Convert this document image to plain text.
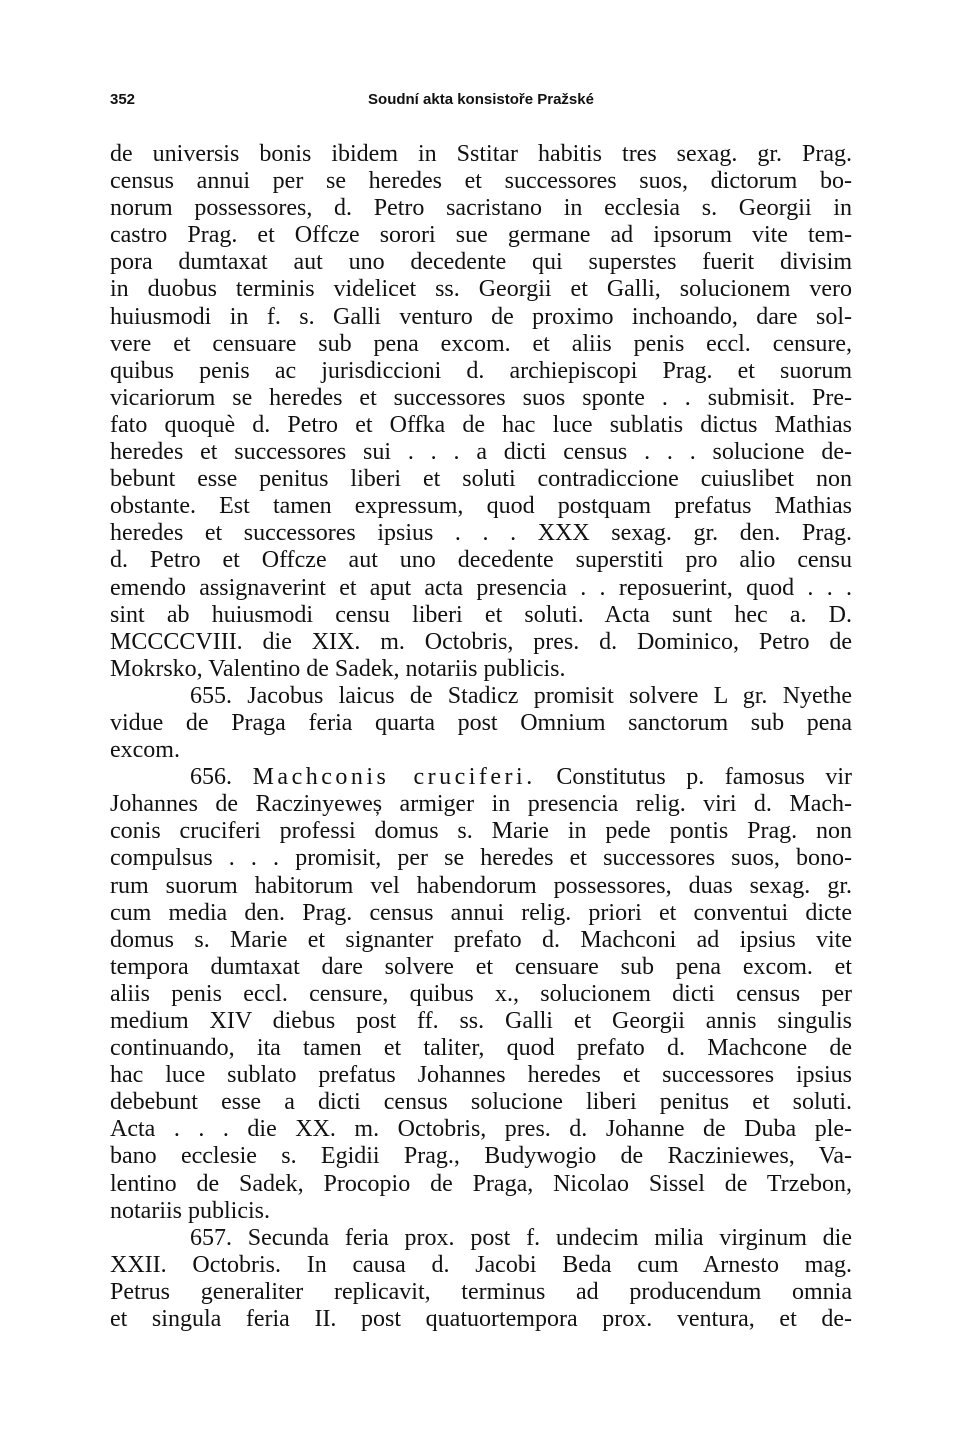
352	Soudní akta konsistoře Pražské
de universis bonis ibidem in Sstitar habitis tres sexag. gr. Prag.
census annui per se heredes et successores suos, dictorum bo-
norum possessores, d. Petro sacristano in ecclesia s. Georgii in
castro Prag. et Offcze sorori sue germane ad ipsorum vite tem-
pora dumtaxat aut uno decedente qui superstes fuerit divisim
in duobus terminis videlicet ss. Georgii et Galli, solucionem vero
huiusmodi in f. s. Galli venturo de proximo inchoando, dare sol-
vere et censuare sub pena excom. et aliis penis eccl. censure,
quibus penis ac jurisdiccioni d. archiepiscopi Prag. et suorum
vicariorum se heredes et successores suos sponte . . submisit. Pre-
fato quoquè d. Petro et Offka de hac luce sublatis dictus Mathias
heredes et successores sui . . . a dicti census . . . solucione de-
bebunt esse penitus liberi et soluti contradiccione cuiuslibet non
obstante. Est tamen expressum, quod postquam prefatus Mathias
heredes et successores ipsius . . . XXX sexag. gr. den. Prag.
d. Petro et Offcze aut uno decedente superstiti pro alio censu
emendo assignaverint et aput acta presencia . . reposuerint, quod . . .
sint ab huiusmodi censu liberi et soluti. Acta sunt hec a. D.
MCCCCVIII. die XIX. m. Octobris, pres. d. Dominico, Petro de
Mokrsko, Valentino de Sadek, notariis publicis.
655. Jacobus laicus de Stadicz promisit solvere L gr. Nyethe
vidue de Praga feria quarta post Omnium sanctorum sub pena
excom.
656. Machconis cruciferi. Constitutus p. famosus vir
Johannes de Raczinyeweș armiger in presencia relig. viri d. Mach-
conis cruciferi professi domus s. Marie in pede pontis Prag. non
compulsus . . . promisit, per se heredes et successores suos, bono-
rum suorum habitorum vel habendorum possessores, duas sexag. gr.
cum media den. Prag. census annui relig. priori et conventui dicte
domus s. Marie et signanter prefato d. Machconi ad ipsius vite
tempora dumtaxat dare solvere et censuare sub pena excom. et
aliis penis eccl. censure, quibus x., solucionem dicti census per
medium XIV diebus post ff. ss. Galli et Georgii annis singulis
continuando, ita tamen et taliter, quod prefato d. Machcone de
hac luce sublato prefatus Johannes heredes et successores ipsius
debebunt esse a dicti census solucione liberi penitus et soluti.
Acta . . . die XX. m. Octobris, pres. d. Johanne de Duba ple-
bano ecclesie s. Egidii Prag., Budywogio de Racziniewes, Va-
lentino de Sadek, Procopio de Praga, Nicolao Sissel de Trzebon,
notariis publicis.
657. Secunda feria prox. post f. undecim milia virginum die
XXII. Octobris. In causa d. Jacobi Beda cum Arnesto mag.
Petrus generaliter replicavit, terminus ad producendum omnia
et singula feria II. post quatuortempora prox. ventura, et de-
